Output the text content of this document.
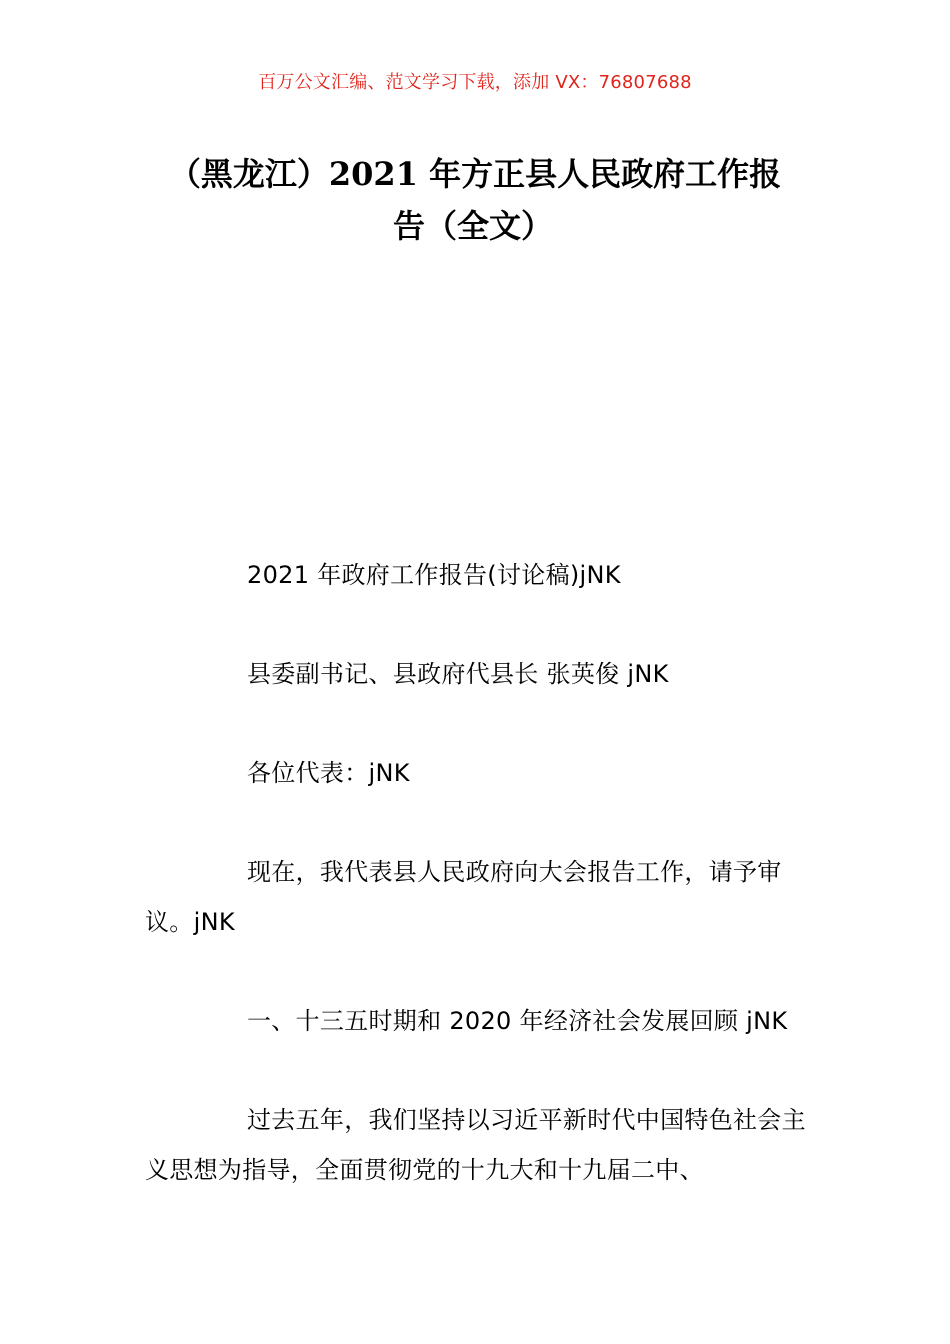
百万公文汇编、范文学习下载，添加 VX：76807688
（黑龙江）2021 年方正县人民政府工作报
告（全文）

2021 年政府工作报告(讨论稿)jNK

县委副书记、县政府代县长 张英俊 jNK

各位代表：jNK

现在，我代表县人民政府向大会报告工作，请予审议。jNK

一、十三五时期和 2020 年经济社会发展回顾 jNK

过去五年，我们坚持以习近平新时代中国特色社会主义思想为指导，全面贯彻党的十九大和十九届二中、
